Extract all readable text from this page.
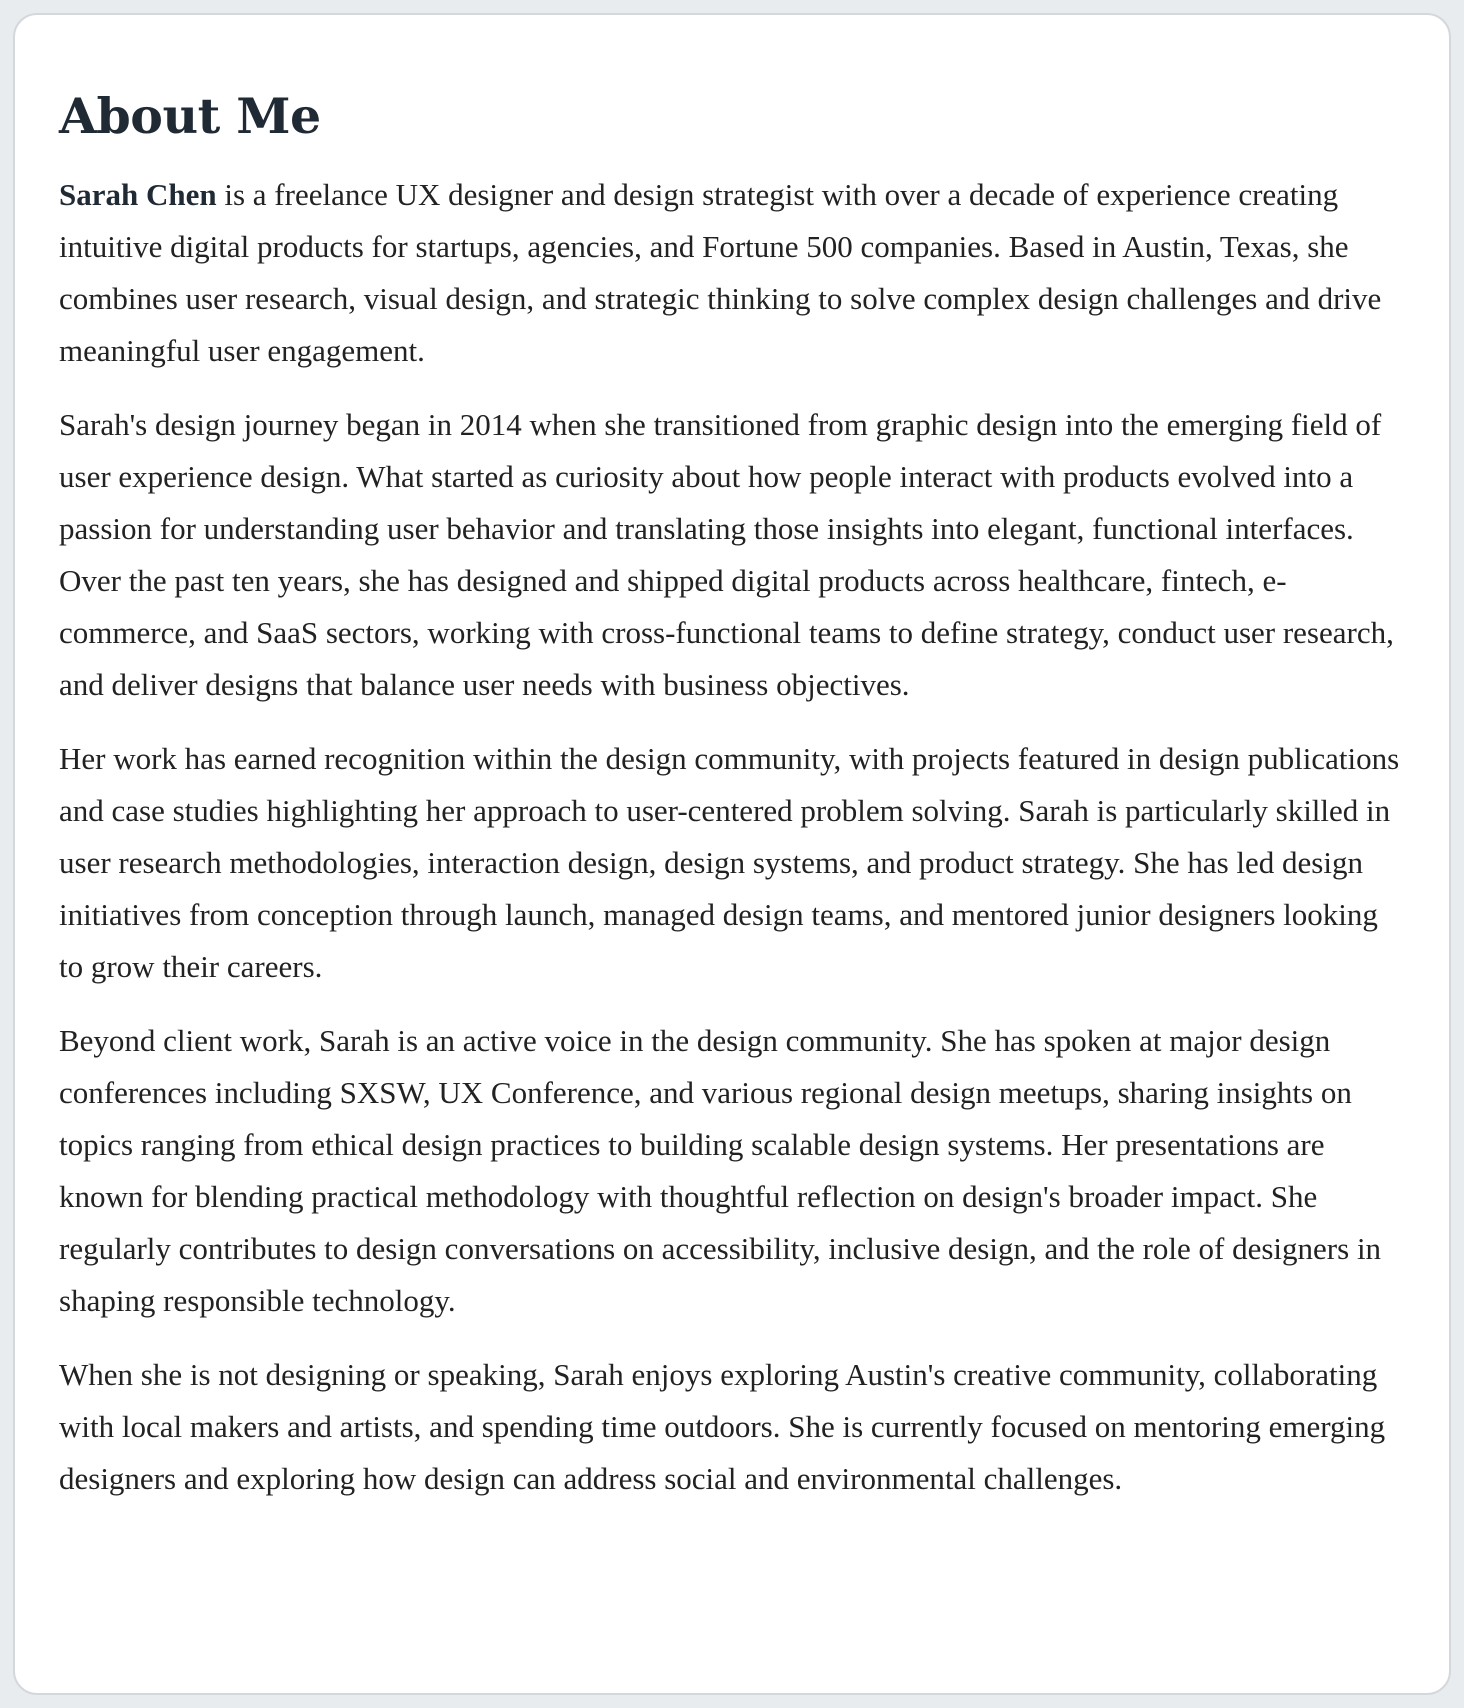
About Me

Sarah Chen is a freelance UX designer and design strategist with over a decade of experience creating intuitive digital products for startups, agencies, and Fortune 500 companies. Based in Austin, Texas, she combines user research, visual design, and strategic thinking to solve complex design challenges and drive meaningful user engagement.

Sarah's design journey began in 2014 when she transitioned from graphic design into the emerging field of user experience design. What started as curiosity about how people interact with products evolved into a passion for understanding user behavior and translating those insights into elegant, functional interfaces. Over the past ten years, she has designed and shipped digital products across healthcare, fintech, e-commerce, and SaaS sectors, working with cross-functional teams to define strategy, conduct user research, and deliver designs that balance user needs with business objectives.

Her work has earned recognition within the design community, with projects featured in design publications and case studies highlighting her approach to user-centered problem solving. Sarah is particularly skilled in user research methodologies, interaction design, design systems, and product strategy. She has led design initiatives from conception through launch, managed design teams, and mentored junior designers looking to grow their careers.

Beyond client work, Sarah is an active voice in the design community. She has spoken at major design conferences including SXSW, UX Conference, and various regional design meetups, sharing insights on topics ranging from ethical design practices to building scalable design systems. Her presentations are known for blending practical methodology with thoughtful reflection on design's broader impact. She regularly contributes to design conversations on accessibility, inclusive design, and the role of designers in shaping responsible technology.

When she is not designing or speaking, Sarah enjoys exploring Austin's creative community, collaborating with local makers and artists, and spending time outdoors. She is currently focused on mentoring emerging designers and exploring how design can address social and environmental challenges.
